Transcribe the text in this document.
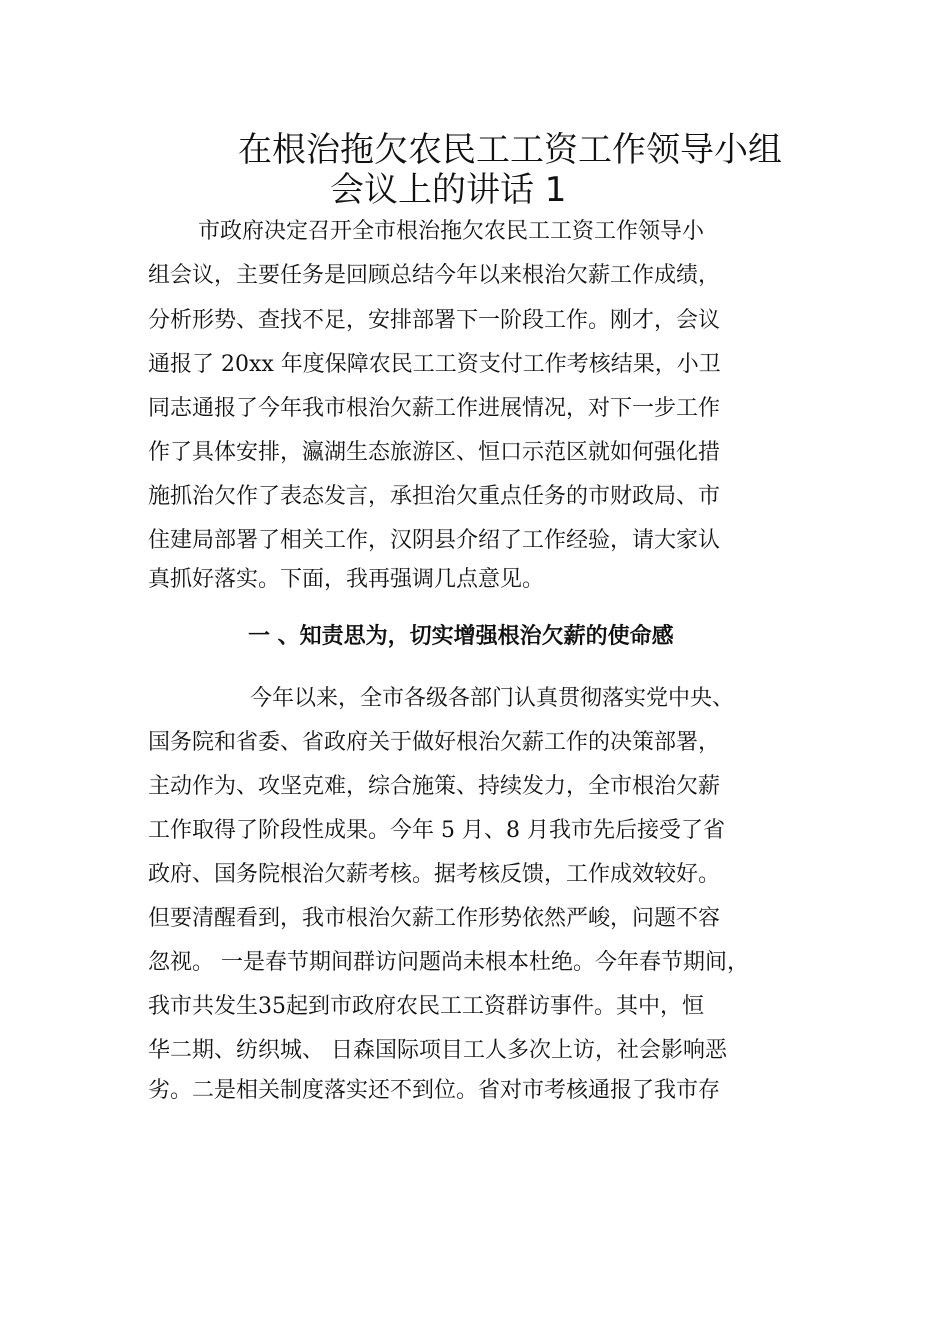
在根治拖欠农民工工资工作领导小组
会议上的讲话 1
市政府决定召开全市根治拖欠农民工工资工作领导小
组会议，主要任务是回顾总结今年以来根治欠薪工作成绩，
分析形势、查找不足，安排部署下一阶段工作。刚才，会议
通报了 20xx 年度保障农民工工资支付工作考核结果，小卫
同志通报了今年我市根治欠薪工作进展情况，对下一步工作
作了具体安排，瀛湖生态旅游区、恒口示范区就如何强化措
施抓治欠作了表态发言，承担治欠重点任务的市财政局、市
住建局部署了相关工作，汉阴县介绍了工作经验，请大家认
真抓好落实。下面，我再强调几点意见。
一 、知责思为，切实增强根治欠薪的使命感
今年以来，全市各级各部门认真贯彻落实党中央、
国务院和省委、省政府关于做好根治欠薪工作的决策部署，
主动作为、攻坚克难，综合施策、持续发力，全市根治欠薪
工作取得了阶段性成果。今年 5 月、8 月我市先后接受了省
政府、国务院根治欠薪考核。据考核反馈，工作成效较好。
但要清醒看到，我市根治欠薪工作形势依然严峻，问题不容
忽视。 一是春节期间群访问题尚未根本杜绝。今年春节期间，
我市共发生35起到市政府农民工工资群访事件。其中，恒
华二期、纺织城、 日森国际项目工人多次上访，社会影响恶
劣。二是相关制度落实还不到位。省对市考核通报了我市存
